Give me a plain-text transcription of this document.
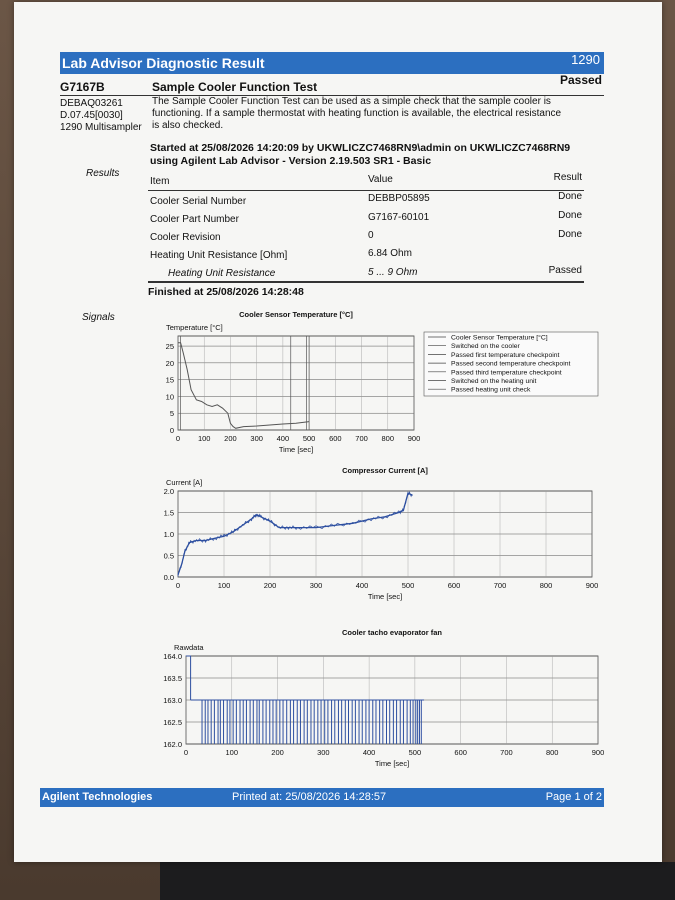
Lab Advisor Diagnostic Result	1290
G7167B	Sample Cooler Function Test	Passed
DEBAQ03261
D.07.45[0030]
1290 Multisampler
The Sample Cooler Function Test can be used as a simple check that the sample cooler is
functioning. If a sample thermostat with heating function is available, the electrical resistance
is also checked.
Started at 25/08/2026 14:20:09 by UKWLICZC7468RN9\admin on UKWLICZC7468RN9
using Agilent Lab Advisor - Version 2.19.503 SR1 - Basic
Results
Item	Value	Result
Cooler Serial Number	DEBBP05895	Done
Cooler Part Number	G7167-60101	Done
Cooler Revision	0	Done
Heating Unit Resistance [Ohm]	6.84 Ohm
Heating Unit Resistance	5 ... 9 Ohm	Passed
Finished at 25/08/2026 14:28:48
Signals	Cooler Sensor Temperature [°C]
Temperature [°C]
0
5
10
15
20
25
0 100 200 300 400 500 600 700 800 900
Time [sec]
Cooler Sensor Temperature [°C]
Switched on the cooler
Passed first temperature checkpoint
Passed second temperature checkpoint
Passed third temperature checkpoint
Switched on the heating unit
Passed heating unit check
Compressor Current [A]
Current [A]
0.0
0.5
1.0
1.5
2.0
0	100	200	300	400	500	600	700	800	900
Time [sec]
Cooler tacho evaporator fan
Rawdata
162.0
162.5
163.0
163.5
164.0
0	100	200	300	400	500	600	700	800	900
Time [sec]
Agilent Technologies	Printed at: 25/08/2026 14:28:57	Page 1 of 2
